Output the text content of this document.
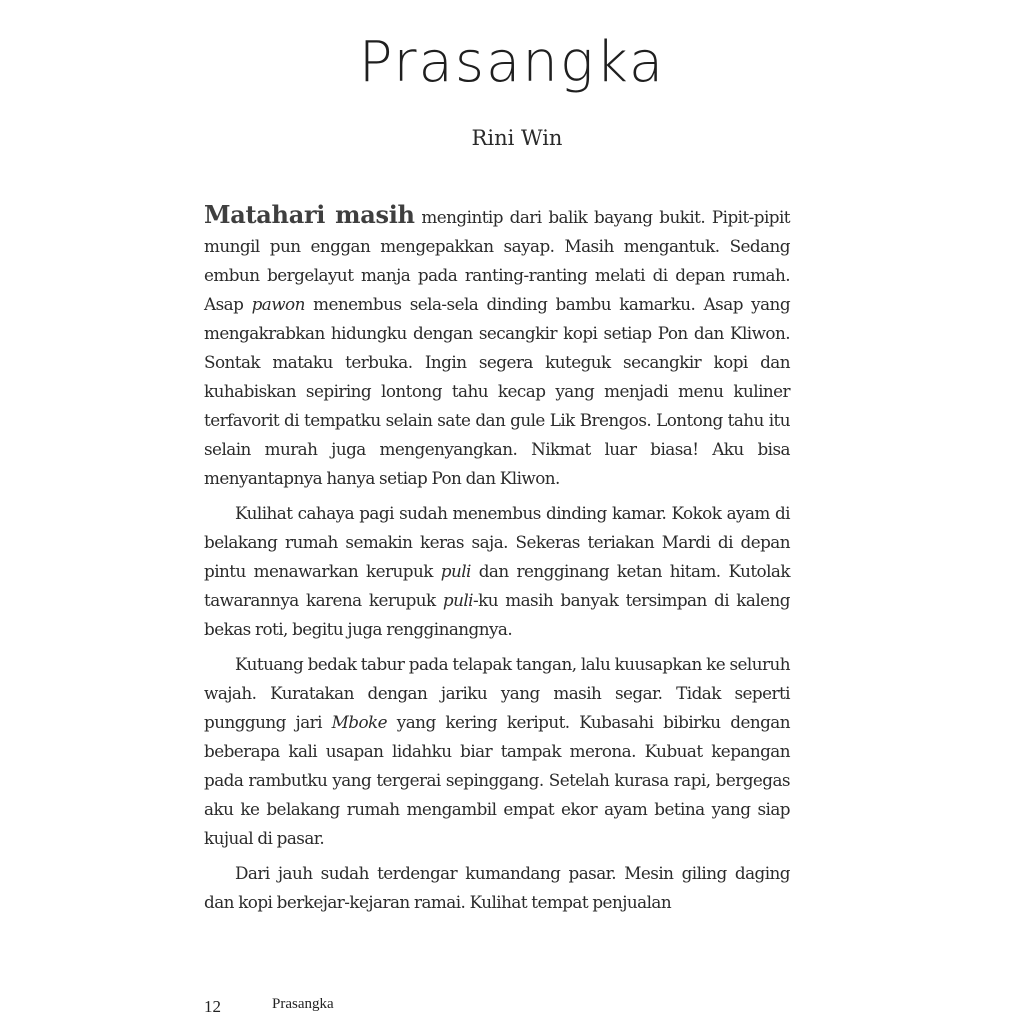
Prasangka
Rini Win

Matahari masih mengintip dari balik bayang bukit. Pipit-pipit mungil pun enggan mengepakkan sayap. Masih mengantuk. Sedang embun bergelayut manja pada ranting-ranting melati di depan rumah. Asap pawon menembus sela-sela dinding bambu kamarku. Asap yang mengakrabkan hidungku dengan secangkir kopi setiap Pon dan Kliwon. Sontak mataku terbuka. Ingin segera kuteguk secangkir kopi dan kuhabiskan sepiring lontong tahu kecap yang menjadi menu kuliner terfavorit di tempatku selain sate dan gule Lik Brengos. Lontong tahu itu selain murah juga mengenyangkan. Nikmat luar biasa! Aku bisa menyantapnya hanya setiap Pon dan Kliwon.

Kulihat cahaya pagi sudah menembus dinding kamar. Kokok ayam di belakang rumah semakin keras saja. Sekeras teriakan Mardi di depan pintu menawarkan kerupuk puli dan rengginang ketan hitam. Kutolak tawarannya karena kerupuk puli-ku masih banyak tersimpan di kaleng bekas roti, begitu juga rengginangnya.

Kutuang bedak tabur pada telapak tangan, lalu kuusapkan ke seluruh wajah. Kuratakan dengan jariku yang masih segar. Tidak seperti punggung jari Mboke yang kering keriput. Kubasahi bibirku dengan beberapa kali usapan lidahku biar tampak merona. Kubuat kepangan pada rambutku yang tergerai sepinggang. Setelah kurasa rapi, bergegas aku ke belakang rumah mengambil empat ekor ayam betina yang siap kujual di pasar.

Dari jauh sudah terdengar kumandang pasar. Mesin giling daging dan kopi berkejar-kejaran ramai. Kulihat tempat penjualan

12	Prasangka
